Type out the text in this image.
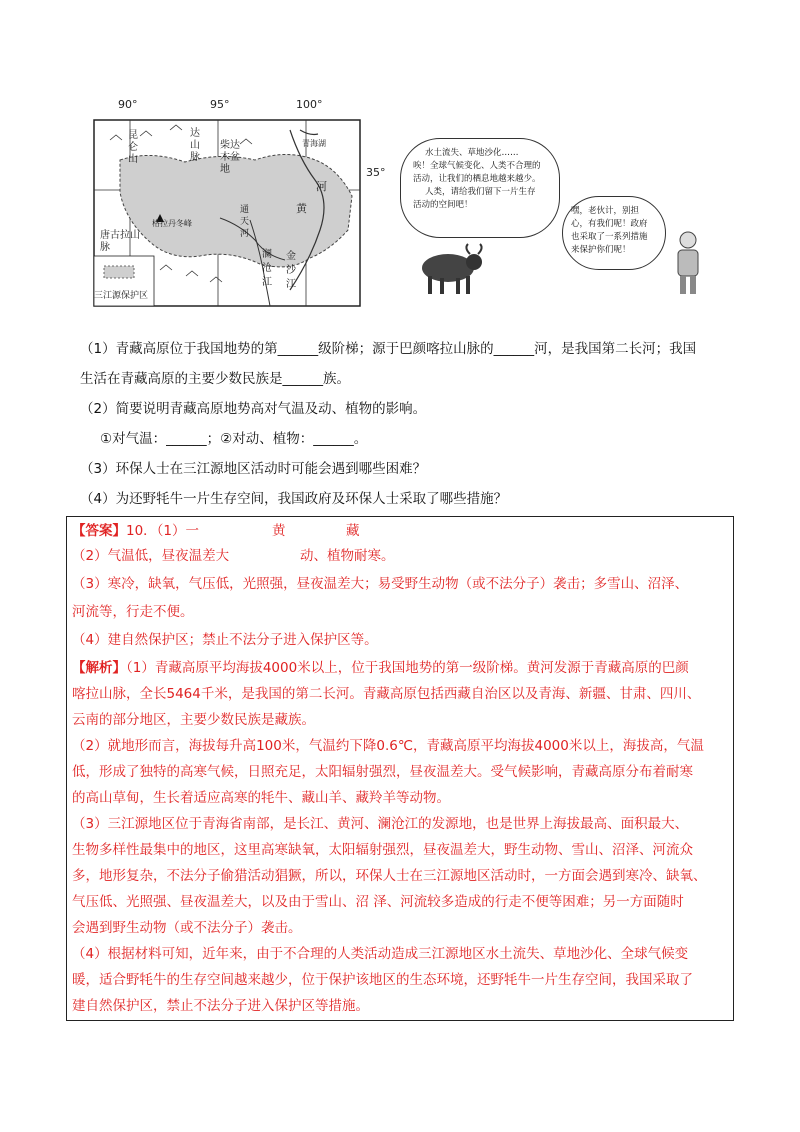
90°	95°	100°
35°
昆仑山
达山脉
柴达木盆地
青海湖
格拉丹冬峰
唐古拉山脉
黄
河
澜沧江
金沙江
通天河
三江源保护区
水土流失、草地沙化……
唉！全球气候变化、人类不合理的
活动，让我们的栖息地越来越少。
人类，请给我们留下一片生存
活动的空间吧！
嘿，老伙计，别担
心，有我们呢！政府
也采取了一系列措施
来保护你们呢！
（1）青藏高原位于我国地势的第______级阶梯；源于巴颜喀拉山脉的______河，是我国第二长河；我国
生活在青藏高原的主要少数民族是______族。
（2）简要说明青藏高原地势高对气温及动、植物的影响。
①对气温：______；②对动、植物：______。
（3）环保人士在三江源地区活动时可能会遇到哪些困难？
（4）为还野牦牛一片生存空间，我国政府及环保人士采取了哪些措施？
【答案】10．（1）一	黄	藏
（2）气温低，昼夜温差大	动、植物耐寒。
（3）寒冷，缺氧，气压低，光照强，昼夜温差大；易受野生动物（或不法分子）袭击；多雪山、沼泽、
河流等，行走不便。
（4）建自然保护区；禁止不法分子进入保护区等。
【解析】（1）青藏高原平均海拔4000米以上，位于我国地势的第一级阶梯。黄河发源于青藏高原的巴颜
喀拉山脉，全长5464千米，是我国的第二长河。青藏高原包括西藏自治区以及青海、新疆、甘肃、四川、
云南的部分地区，主要少数民族是藏族。
（2）就地形而言，海拔每升高100米，气温约下降0.6℃，青藏高原平均海拔4000米以上，海拔高，气温
低，形成了独特的高寒气候，日照充足，太阳辐射强烈，昼夜温差大。受气候影响，青藏高原分布着耐寒
的高山草甸，生长着适应高寒的牦牛、藏山羊、藏羚羊等动物。
（3）三江源地区位于青海省南部，是长江、黄河、澜沧江的发源地，也是世界上海拔最高、面积最大、
生物多样性最集中的地区，这里高寒缺氧，太阳辐射强烈，昼夜温差大，野生动物、雪山、沼泽、河流众
多，地形复杂，不法分子偷猎活动猖獗，所以，环保人士在三江源地区活动时，一方面会遇到寒冷、缺氧、
气压低、光照强、昼夜温差大，以及由于雪山、沼 泽、河流较多造成的行走不便等困难；另一方面随时
会遇到野生动物（或不法分子）袭击。
（4）根据材料可知，近年来，由于不合理的人类活动造成三江源地区水土流失、草地沙化、全球气候变
暖，适合野牦牛的生存空间越来越少，位于保护该地区的生态环境，还野牦牛一片生存空间，我国采取了
建自然保护区，禁止不法分子进入保护区等措施。
